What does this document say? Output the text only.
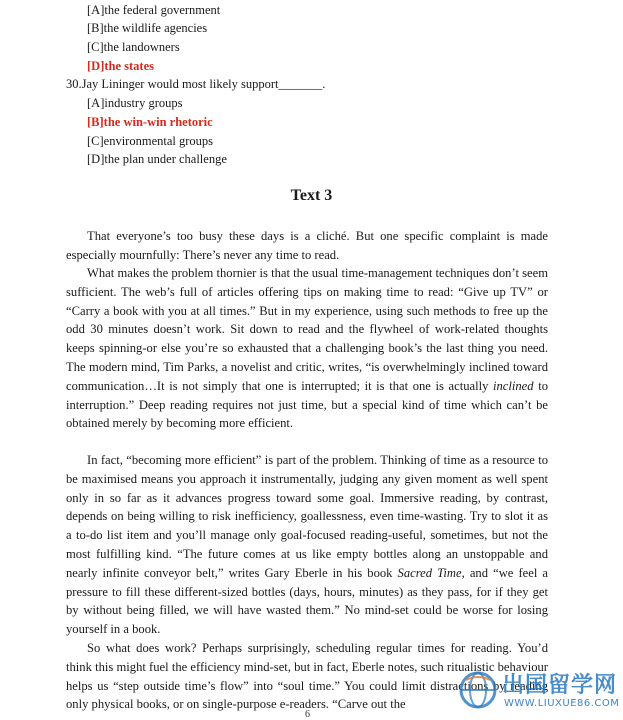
[A]the federal government
[B]the wildlife agencies
[C]the landowners
[D]the states
30.Jay Lininger would most likely support_______.
[A]industry groups
[B]the win-win rhetoric
[C]environmental groups
[D]the plan under challenge
Text 3

That everyone’s too busy these days is a cliché. But one specific complaint is made especially mournfully: There’s never any time to read.

What makes the problem thornier is that the usual time-management techniques don’t seem sufficient. The web’s full of articles offering tips on making time to read: “Give up TV” or “Carry a book with you at all times.” But in my experience, using such methods to free up the odd 30 minutes doesn’t work. Sit down to read and the flywheel of work-related thoughts keeps spinning-or else you’re so exhausted that a challenging book’s the last thing you need. The modern mind, Tim Parks, a novelist and critic, writes, “is overwhelmingly inclined toward communication…It is not simply that one is interrupted; it is that one is actually inclined to interruption.” Deep reading requires not just time, but a special kind of time which can’t be obtained merely by becoming more efficient.

In fact, “becoming more efficient” is part of the problem. Thinking of time as a resource to be maximised means you approach it instrumentally, judging any given moment as well spent only in so far as it advances progress toward some goal. Immersive reading, by contrast, depends on being willing to risk inefficiency, goallessness, even time-wasting. Try to slot it as a to-do list item and you’ll manage only goal-focused reading-useful, sometimes, but not the most fulfilling kind. “The future comes at us like empty bottles along an unstoppable and nearly infinite conveyor belt,” writes Gary Eberle in his book Sacred Time, and “we feel a pressure to fill these different-sized bottles (days, hours, minutes) as they pass, for if they get by without being filled, we will have wasted them.” No mind-set could be worse for losing yourself in a book.

So what does work? Perhaps surprisingly, scheduling regular times for reading. You’d think this might fuel the efficiency mind-set, but in fact, Eberle notes, such ritualistic behaviour helps us “step outside time’s flow” into “soul time.” You could limit distractions by reading only physical books, or on single-purpose e-readers. “Carve out the

6
出国留学网
WWW.LIUXUE86.COM
